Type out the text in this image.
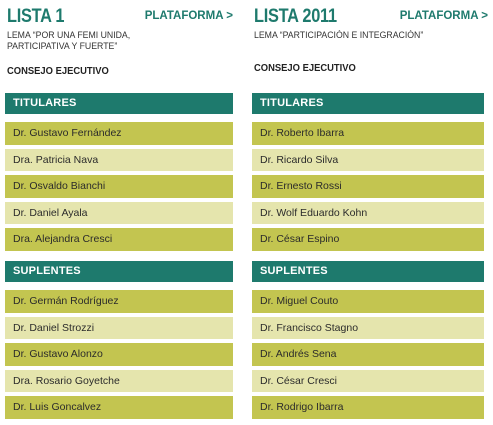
LISTA 1	PLATAFORMA >
LEMA “POR UNA FEMI UNIDA,
PARTICIPATIVA Y FUERTE”
CONSEJO EJECUTIVO
TITULARES
Dr. Gustavo Fernández
Dra. Patricia Nava
Dr. Osvaldo Bianchi
Dr. Daniel Ayala
Dra. Alejandra Cresci
SUPLENTES
Dr. Germán Rodríguez
Dr. Daniel Strozzi
Dr. Gustavo Alonzo
Dra. Rosario Goyetche
Dr. Luis Goncalvez
LISTA 2011	PLATAFORMA >
LEMA “PARTICIPACIÓN E INTEGRACIÓN”
CONSEJO EJECUTIVO
TITULARES
Dr. Roberto Ibarra
Dr. Ricardo Silva
Dr. Ernesto Rossi
Dr. Wolf Eduardo Kohn
Dr. César Espino
SUPLENTES
Dr. Miguel Couto
Dr. Francisco Stagno
Dr. Andrés Sena
Dr. César Cresci
Dr. Rodrigo Ibarra
